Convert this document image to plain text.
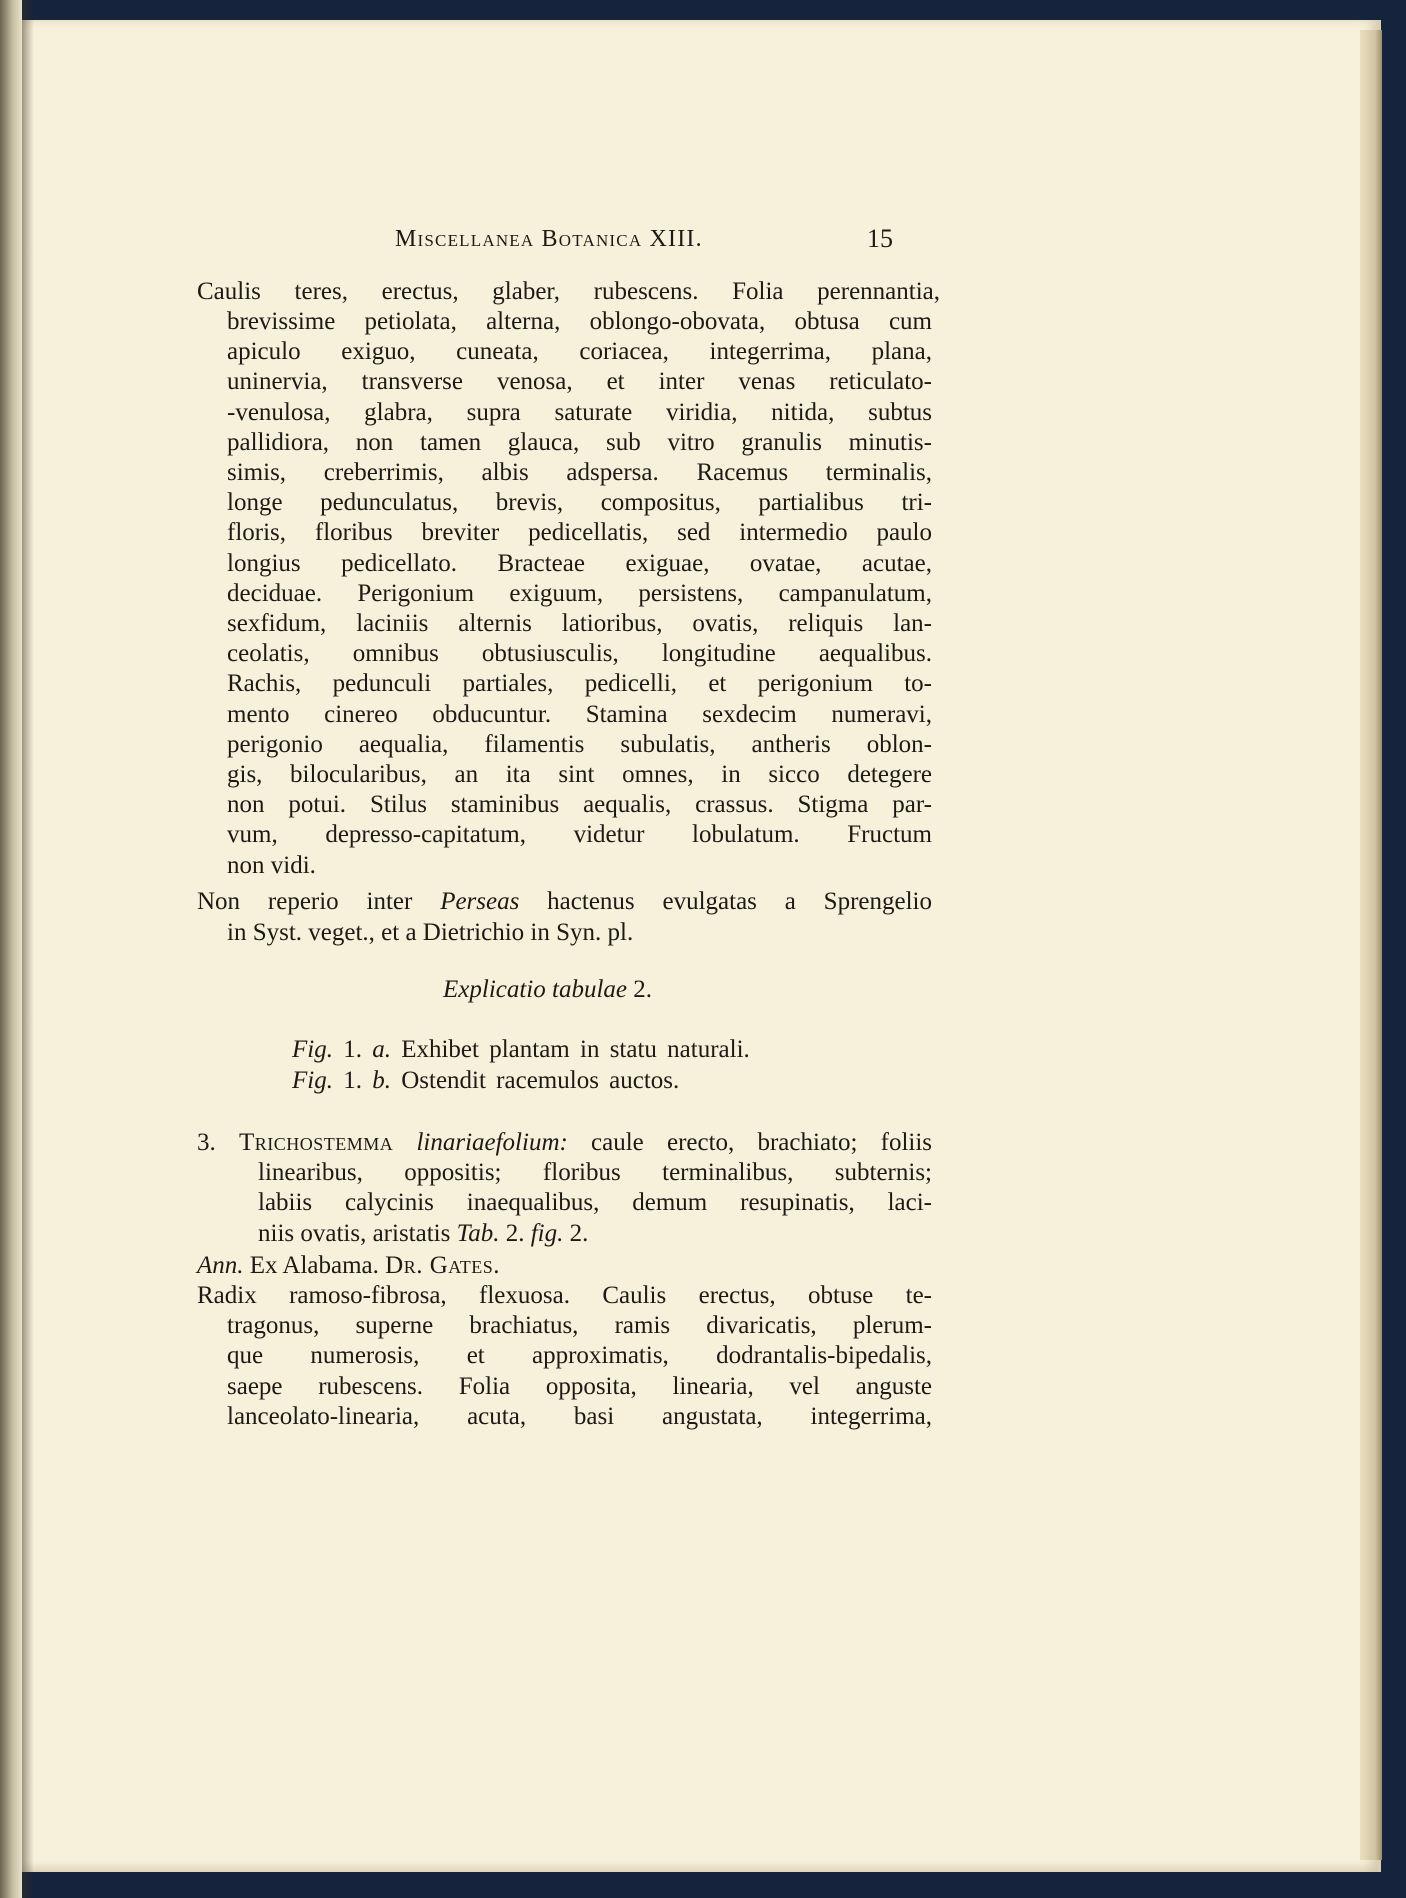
Miscellanea Botanica XIII.	15
Caulis teres, erectus, glaber, rubescens. Folia perennantia,
brevissime petiolata, alterna, oblongo-obovata, obtusa cum
apiculo exiguo, cuneata, coriacea, integerrima, plana,
uninervia, transverse venosa, et inter venas reticulato-
-venulosa, glabra, supra saturate viridia, nitida, subtus
pallidiora, non tamen glauca, sub vitro granulis minutis-
simis, creberrimis, albis adspersa. Racemus terminalis,
longe pedunculatus, brevis, compositus, partialibus tri-
floris, floribus breviter pedicellatis, sed intermedio paulo
longius pedicellato. Bracteae exiguae, ovatae, acutae,
deciduae. Perigonium exiguum, persistens, campanulatum,
sexfidum, laciniis alternis latioribus, ovatis, reliquis lan-
ceolatis, omnibus obtusiusculis, longitudine aequalibus.
Rachis, pedunculi partiales, pedicelli, et perigonium to-
mento cinereo obducuntur. Stamina sexdecim numeravi,
perigonio aequalia, filamentis subulatis, antheris oblon-
gis, bilocularibus, an ita sint omnes, in sicco detegere
non potui. Stilus staminibus aequalis, crassus. Stigma par-
vum, depresso-capitatum, videtur lobulatum. Fructum
non vidi.
Non reperio inter Perseas hactenus evulgatas a Sprengelio
in Syst. veget., et a Dietrichio in Syn. pl.
Explicatio tabulae 2.
Fig. 1. a. Exhibet plantam in statu naturali.
Fig. 1. b. Ostendit racemulos auctos.
3. Trichostemma linariaefolium: caule erecto, brachiato; foliis
linearibus, oppositis; floribus terminalibus, subternis;
labiis calycinis inaequalibus, demum resupinatis, laci-
niis ovatis, aristatis Tab. 2. fig. 2.
Ann. Ex Alabama. Dr. Gates.
Radix ramoso-fibrosa, flexuosa. Caulis erectus, obtuse te-
tragonus, superne brachiatus, ramis divaricatis, plerum-
que numerosis, et approximatis, dodrantalis-bipedalis,
saepe rubescens. Folia opposita, linearia, vel anguste
lanceolato-linearia, acuta, basi angustata, integerrima,
